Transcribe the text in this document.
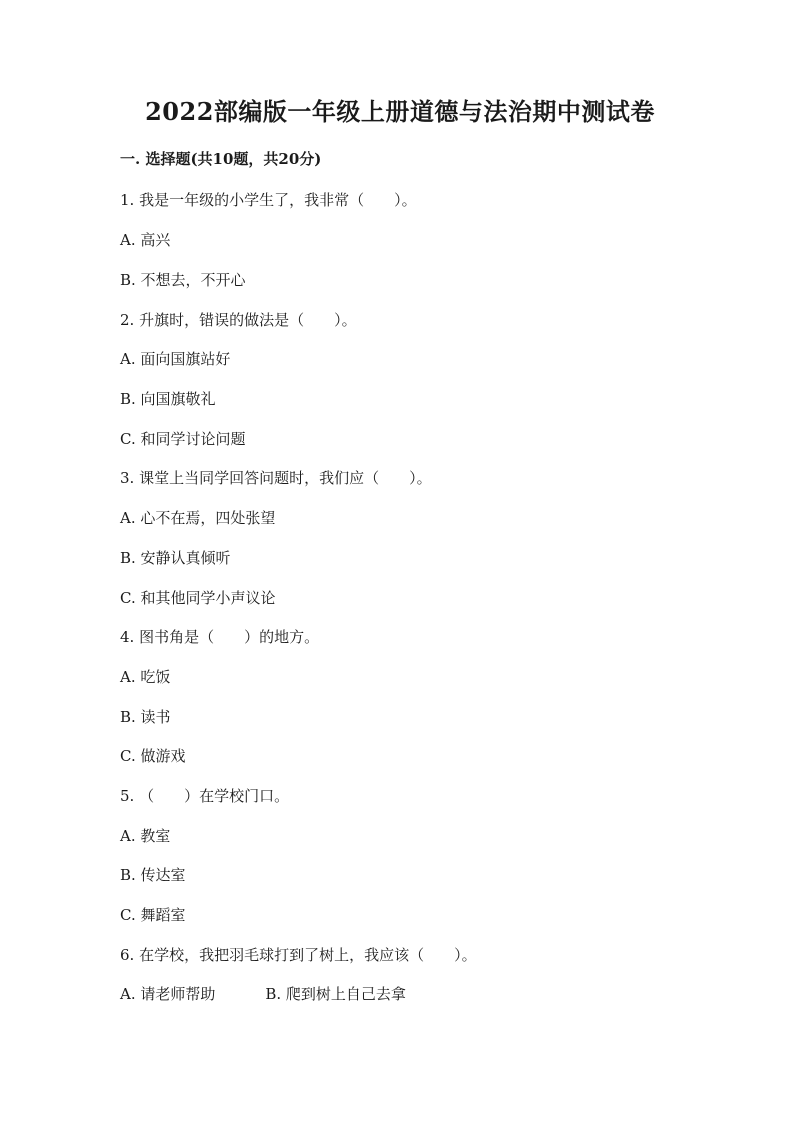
2022部编版一年级上册道德与法治期中测试卷
一. 选择题(共10题，共20分)
1. 我是一年级的小学生了，我非常（　　）。
A. 高兴
B. 不想去，不开心
2. 升旗时，错误的做法是（　　）。
A. 面向国旗站好
B. 向国旗敬礼
C. 和同学讨论问题
3. 课堂上当同学回答问题时，我们应（　　）。
A. 心不在焉，四处张望
B. 安静认真倾听
C. 和其他同学小声议论
4. 图书角是（　　）的地方。
A. 吃饭
B. 读书
C. 做游戏
5. （　　）在学校门口。
A. 教室
B. 传达室
C. 舞蹈室
6. 在学校，我把羽毛球打到了树上，我应该（　　）。
A. 请老师帮助	B. 爬到树上自己去拿
